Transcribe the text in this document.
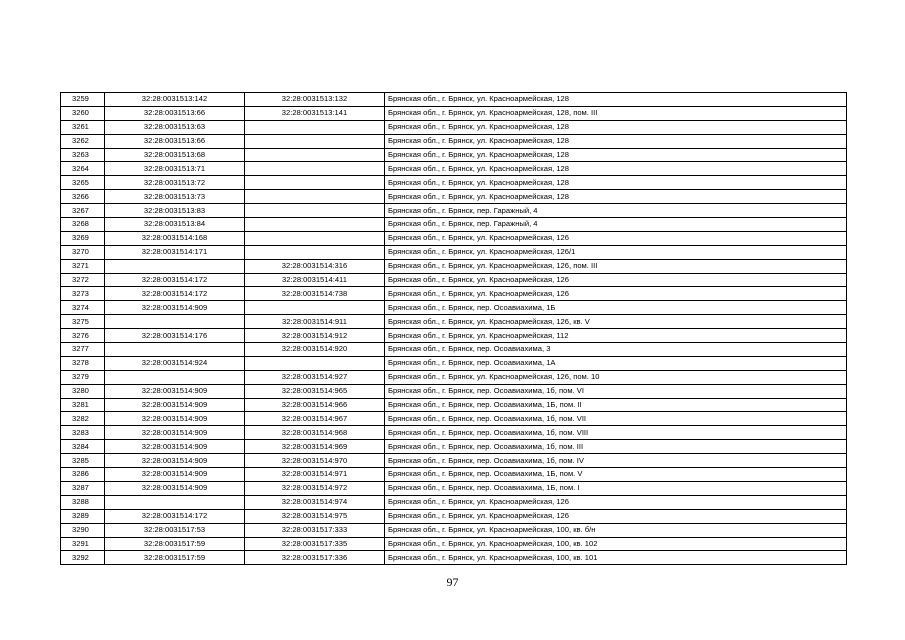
3259	32:28:0031513:142	32:28:0031513:132	Брянская обл., г. Брянск, ул. Красноармейская, 128
3260	32:28:0031513:66	32:28:0031513:141	Брянская обл., г. Брянск, ул. Красноармейская, 128, пом. III
3261	32:28:0031513:63		Брянская обл., г. Брянск, ул. Красноармейская, 128
3262	32:28:0031513:66		Брянская обл., г. Брянск, ул. Красноармейская, 128
3263	32:28:0031513:68		Брянская обл., г. Брянск, ул. Красноармейская, 128
3264	32:28:0031513:71		Брянская обл., г. Брянск, ул. Красноармейская, 128
3265	32:28:0031513:72		Брянская обл., г. Брянск, ул. Красноармейская, 128
3266	32:28:0031513:73		Брянская обл., г. Брянск, ул. Красноармейская, 128
3267	32:28:0031513:83		Брянская обл., г. Брянск, пер. Гаражный, 4
3268	32:28:0031513:84		Брянская обл., г. Брянск, пер. Гаражный, 4
3269	32:28:0031514:168		Брянская обл., г. Брянск, ул. Красноармейская, 126
3270	32:28:0031514:171		Брянская обл., г. Брянск, ул. Красноармейская, 126/1
3271		32:28:0031514:316	Брянская обл., г. Брянск, ул. Красноармейская, 126, пом. III
3272	32:28:0031514:172	32:28:0031514:411	Брянская обл., г. Брянск, ул. Красноармейская, 126
3273	32:28:0031514:172	32:28:0031514:738	Брянская обл., г. Брянск, ул. Красноармейская, 126
3274	32:28:0031514:909		Брянская обл., г. Брянск, пер. Осоавиахима, 1Б
3275		32:28:0031514:911	Брянская обл., г. Брянск, ул. Красноармейская, 126, кв. V
3276	32:28:0031514:176	32:28:0031514:912	Брянская обл., г. Брянск, ул. Красноармейская, 112
3277		32:28:0031514:920	Брянская обл., г. Брянск, пер. Осоавиахима, 3
3278	32:28:0031514:924		Брянская обл., г. Брянск, пер. Осоавиахима, 1А
3279		32:28:0031514:927	Брянская обл., г. Брянск, ул. Красноармейская, 126, пом. 10
3280	32:28:0031514:909	32:28:0031514:965	Брянская обл., г. Брянск, пер. Осоавиахима, 1б, пом. VI
3281	32:28:0031514:909	32:28:0031514:966	Брянская обл., г. Брянск, пер. Осоавиахима, 1Б, пом. II
3282	32:28:0031514:909	32:28:0031514:967	Брянская обл., г. Брянск, пер. Осоавиахима, 1б, пом. VII
3283	32:28:0031514:909	32:28:0031514:968	Брянская обл., г. Брянск, пер. Осоавиахима, 1б, пом. VIII
3284	32:28:0031514:909	32:28:0031514:969	Брянская обл., г. Брянск, пер. Осоавиахима, 1б, пом. III
3285	32:28:0031514:909	32:28:0031514:970	Брянская обл., г. Брянск, пер. Осоавиахима, 1б, пом. IV
3286	32:28:0031514:909	32:28:0031514:971	Брянская обл., г. Брянск, пер. Осоавиахима, 1Б, пом. V
3287	32:28:0031514:909	32:28:0031514:972	Брянская обл., г. Брянск, пер. Осоавиахима, 1Б, пом. I
3288		32:28:0031514:974	Брянская обл., г. Брянск, ул. Красноармейская, 126
3289	32:28:0031514:172	32:28:0031514:975	Брянская обл., г. Брянск, ул. Красноармейская, 126
3290	32:28:0031517:53	32:28:0031517:333	Брянская обл., г. Брянск, ул. Красноармейская, 100, кв. б/н
3291	32:28:0031517:59	32:28:0031517:335	Брянская обл., г. Брянск, ул. Красноармейская, 100, кв. 102
3292	32:28:0031517:59	32:28:0031517:336	Брянская обл., г. Брянск, ул. Красноармейская, 100, кв. 101
97
